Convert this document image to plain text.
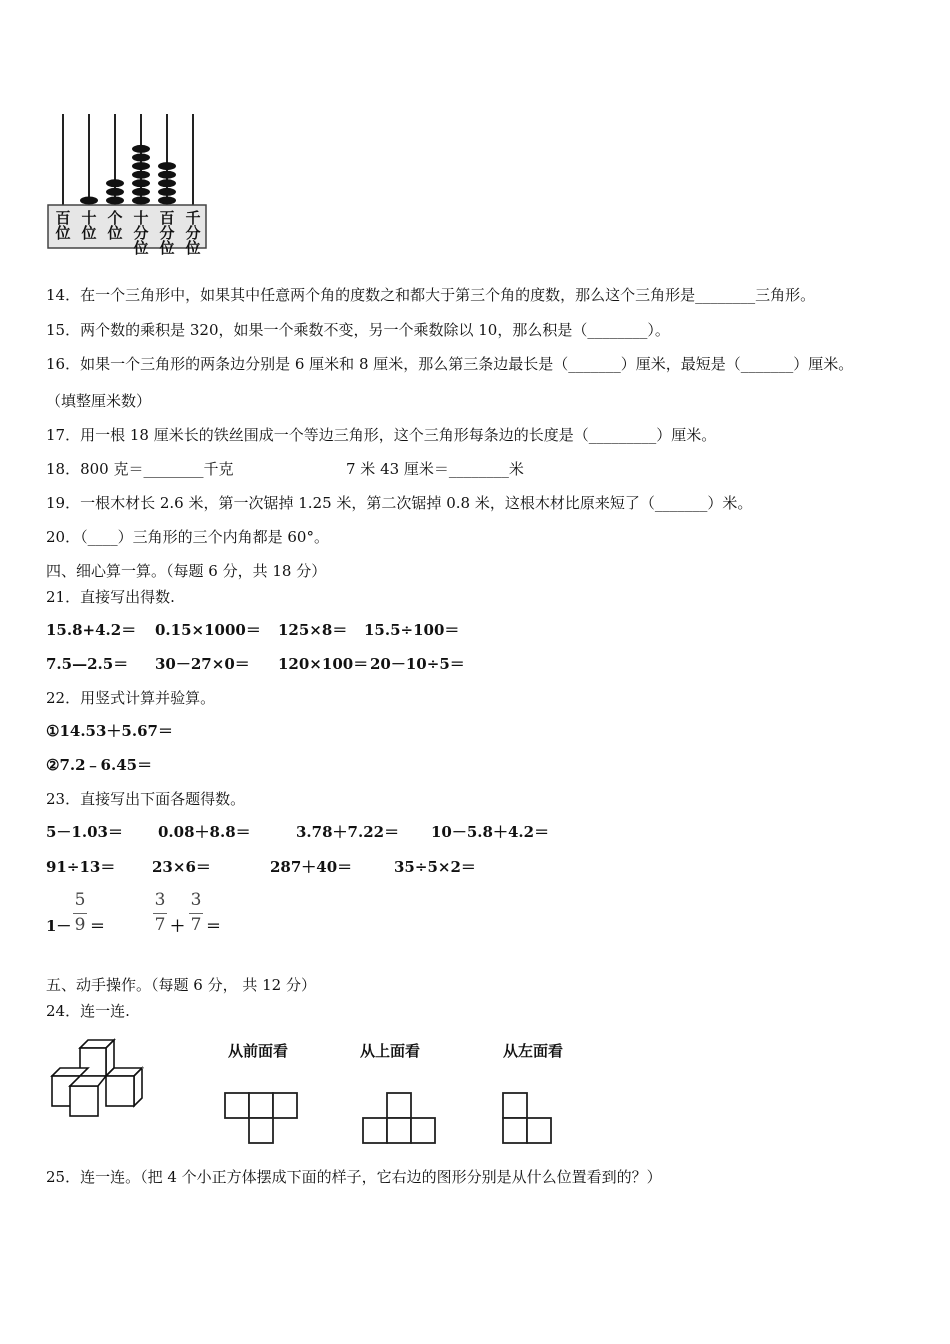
百
位
十
位
个
位
十
分
位
百
分
位
千
分
位
14．在一个三角形中，如果其中任意两个角的度数之和都大于第三个角的度数，那么这个三角形是________三角形。
15．两个数的乘积是 320，如果一个乘数不变，另一个乘数除以 10，那么积是（________）。
16．如果一个三角形的两条边分别是 6 厘米和 8 厘米，那么第三条边最长是（_______）厘米，最短是（_______）厘米。
（填整厘米数）
17．用一根 18 厘米长的铁丝围成一个等边三角形，这个三角形每条边的长度是（_________）厘米。
18．800 克＝________千克	7 米 43 厘米＝________米
19．一根木材长 2.6 米，第一次锯掉 1.25 米，第二次锯掉 0.8 米，这根木材比原来短了（_______）米。
20．（____）三角形的三个内角都是 60°。
四、细心算一算。（每题 6 分，共 18 分）
21．直接写出得数.
15.8+4.2＝ 0.15×1000＝ 125×8＝ 15.5÷100＝
7.5—2.5＝ 30－27×0＝ 120×100＝ 20－10÷5＝
22．用竖式计算并验算。
①14.53＋5.67＝
②7.2﹣6.45＝
23．直接写出下面各题得数。
5－1.03＝ 0.08＋8.8＝	3.78＋7.22＝ 10－5.8＋4.2＝
91÷13＝ 23×6＝	287＋40＝	35÷5×2＝
1－
5
9 ＝
3
7 ＋
3
7 ＝
五、动手操作。（每题 6 分， 共 12 分）
24．连一连.
从前面看	从上面看	从左面看
25．连一连。（把 4 个小正方体摆成下面的样子，它右边的图形分别是从什么位置看到的？）
